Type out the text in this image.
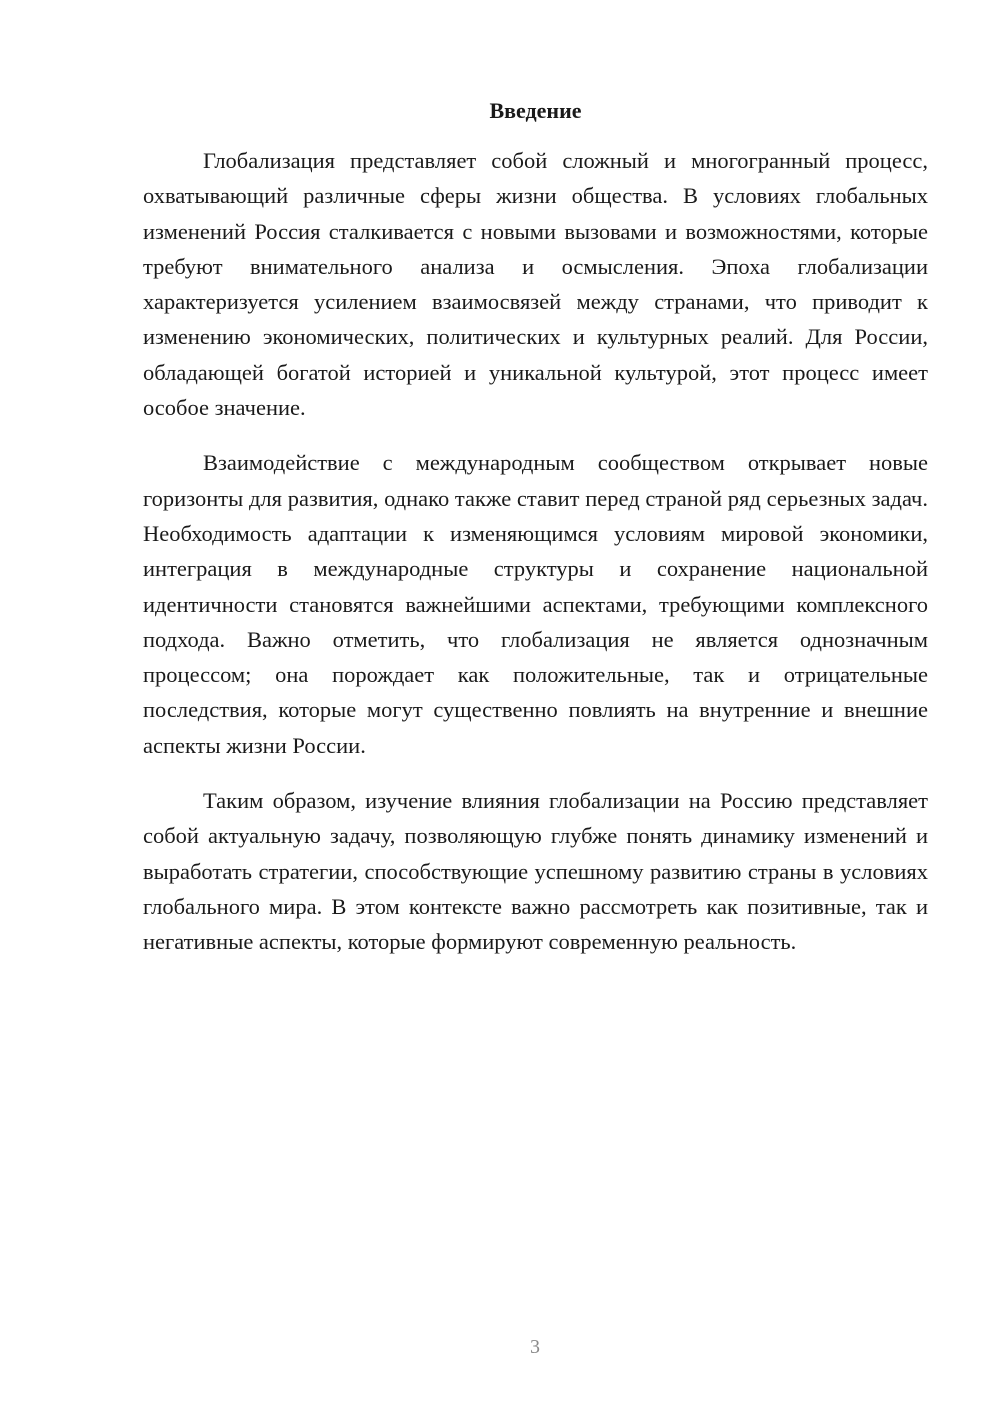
Введение

Глобализация представляет собой сложный и многогранный процесс, охватывающий различные сферы жизни общества. В условиях глобальных изменений Россия сталкивается с новыми вызовами и возможностями, которые требуют внимательного анализа и осмысления. Эпоха глобализации характеризуется усилением взаимосвязей между странами, что приводит к изменению экономических, политических и культурных реалий. Для России, обладающей богатой историей и уникальной культурой, этот процесс имеет особое значение.

Взаимодействие с международным сообществом открывает новые горизонты для развития, однако также ставит перед страной ряд серьезных задач. Необходимость адаптации к изменяющимся условиям мировой экономики, интеграция в международные структуры и сохранение национальной идентичности становятся важнейшими аспектами, требующими комплексного подхода. Важно отметить, что глобализация не является однозначным процессом; она порождает как положительные, так и отрицательные последствия, которые могут существенно повлиять на внутренние и внешние аспекты жизни России.

Таким образом, изучение влияния глобализации на Россию представляет собой актуальную задачу, позволяющую глубже понять динамику изменений и выработать стратегии, способствующие успешному развитию страны в условиях глобального мира. В этом контексте важно рассмотреть как позитивные, так и негативные аспекты, которые формируют современную реальность.

3
